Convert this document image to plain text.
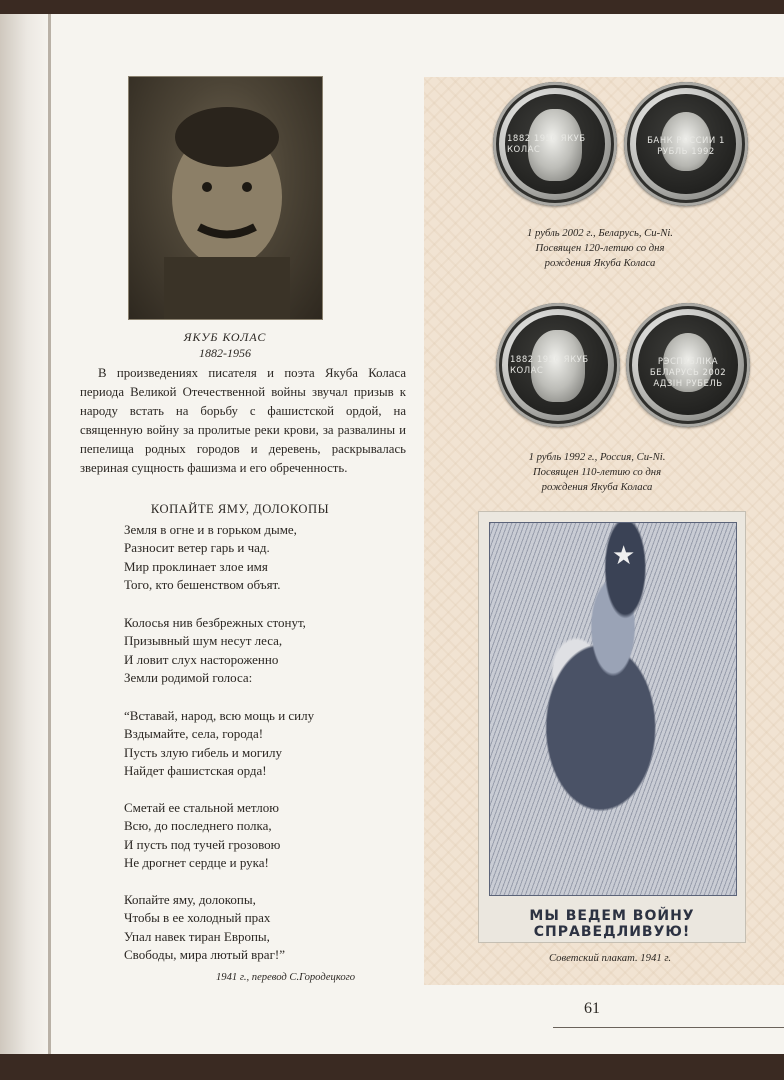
ЯКУБ КОЛАС
1882-1956
В произведениях писателя и поэта Якуба Коласа периода Великой Отечественной войны звучал призыв к народу встать на борьбу с фашистской ордой, на священную войну за пролитые реки крови, за развалины и пепелища родных городов и деревень, раскрывалась звериная сущность фашизма и его обреченность.
КОПАЙТЕ ЯМУ, ДОЛОКОПЫ
Земля в огне и в горьком дыме,
Разносит ветер гарь и чад.
Мир проклинает злое имя
Того, кто бешенством объят.
Колосья нив безбрежных стонут,
Призывный шум несут леса,
И ловит слух настороженно
Земли родимой голоса:
“Вставай, народ, всю мощь и силу
Вздымайте, села, города!
Пусть злую гибель и могилу
Найдет фашистская орда!
Сметай ее стальной метлою
Всю, до последнего полка,
И пусть под тучей грозовою
Не дрогнет сердце и рука!
Копайте яму, долокопы,
Чтобы в ее холодный прах
Упал навек тиран Европы,
Свободы, мира лютый враг!”
1941 г., перевод С.Городецкого
1882 1956 ЯКУБ КОЛАС
БАНК РОССИИ 1 РУБЛЬ 1992
1 рубль 2002 г., Беларусь, Cu-Ni.
Посвящен 120-летию со дня
рождения Якуба Коласа
1882 1956 ЯКУБ КОЛАС
РЭСПУБЛІКА БЕЛАРУСЬ 2002 АДЗІН РУБЕЛЬ
1 рубль 1992 г., Россия, Cu-Ni.
Посвящен 110-летию со дня
рождения Якуба Коласа
★
МЫ ВЕДЕМ ВОЙНУ СПРАВЕДЛИВУЮ!
Советский плакат. 1941 г.
61
